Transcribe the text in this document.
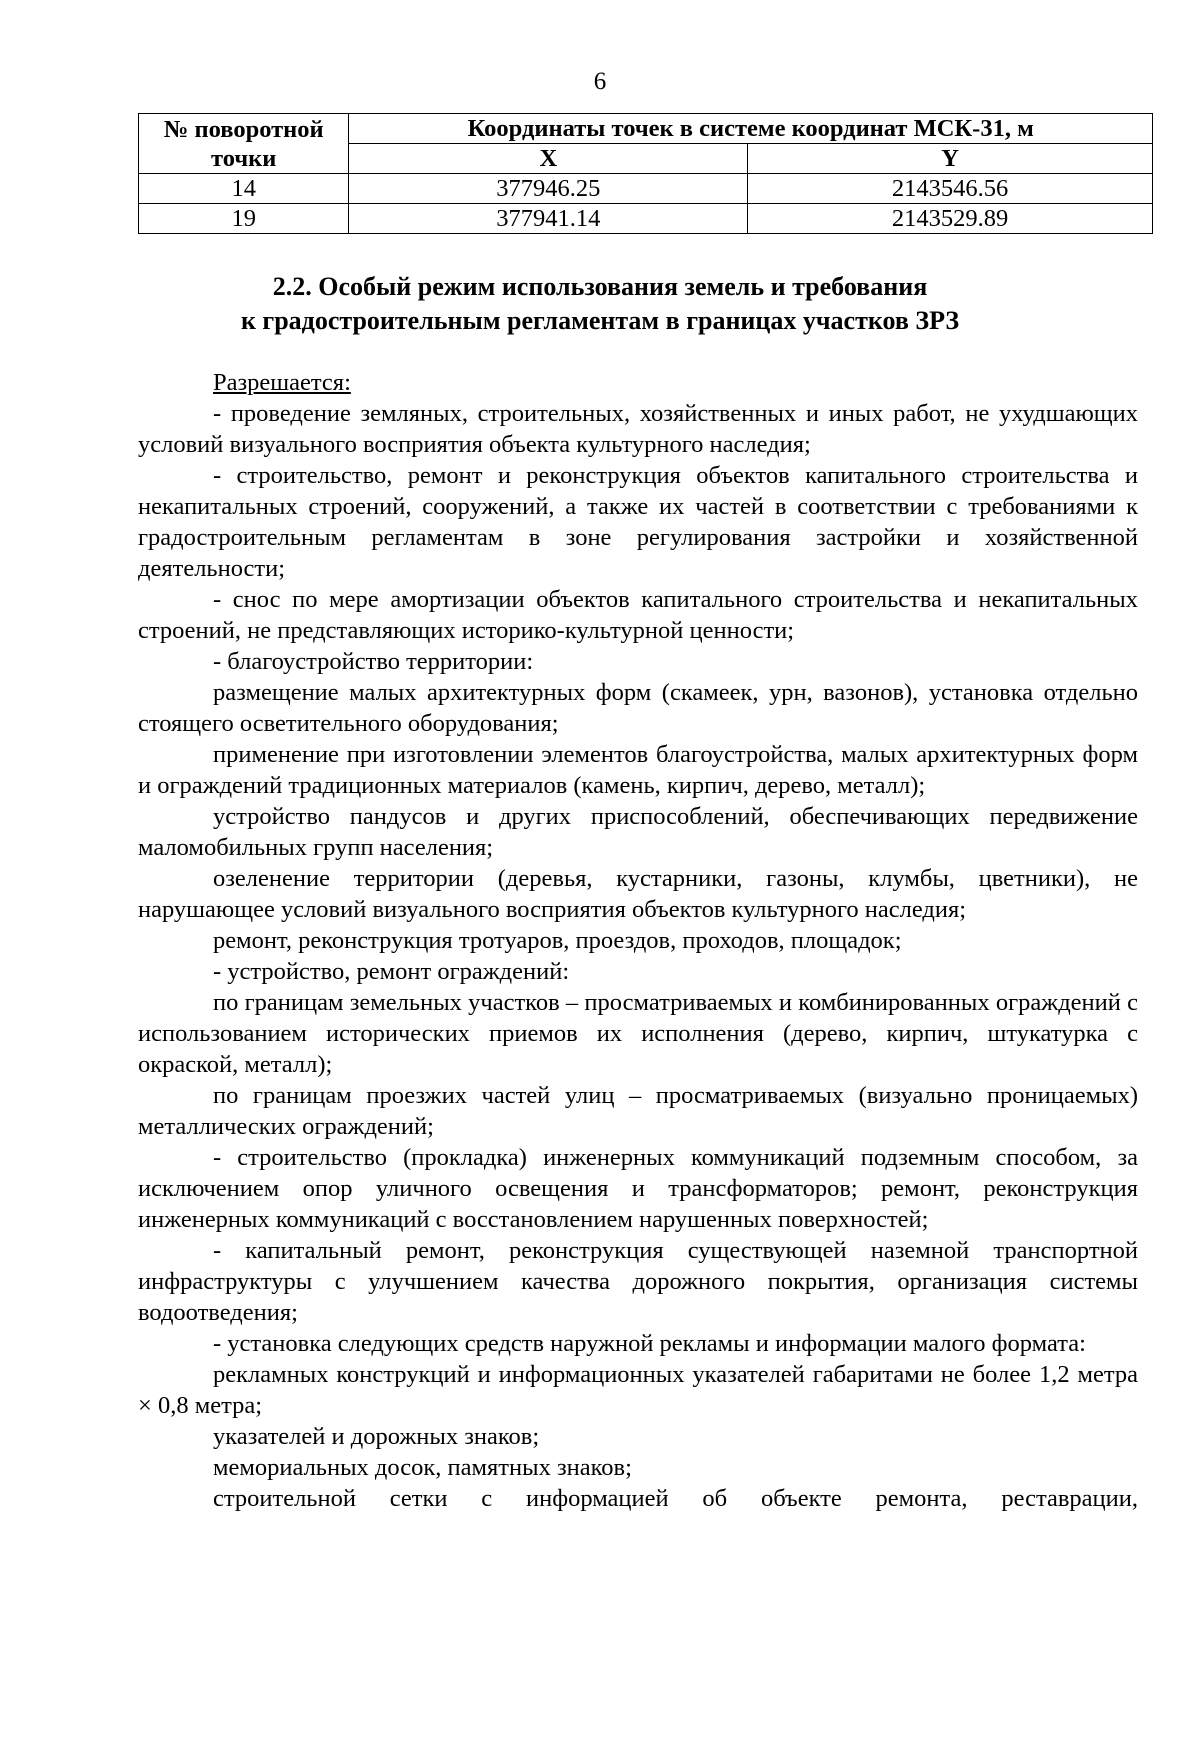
6
№ поворотной точки	Координаты точек в системе координат МСК-31, м	
	X	Y
14	377946.25	2143546.56
19	377941.14	2143529.89
2.2. Особый режим использования земель и требования
к градостроительным регламентам в границах участков ЗРЗ
Разрешается:
- проведение земляных, строительных, хозяйственных и иных работ, не ухудшающих условий визуального восприятия объекта культурного наследия;
- строительство, ремонт и реконструкция объектов капитального строительства и некапитальных строений, сооружений, а также их частей в соответствии с требованиями к градостроительным регламентам в зоне регулирования застройки и хозяйственной деятельности;
- снос по мере амортизации объектов капитального строительства и некапитальных строений, не представляющих историко-культурной ценности;
- благоустройство территории:
размещение малых архитектурных форм (скамеек, урн, вазонов), установка отдельно стоящего осветительного оборудования;
применение при изготовлении элементов благоустройства, малых архитектурных форм и ограждений традиционных материалов (камень, кирпич, дерево, металл);
устройство пандусов и других приспособлений, обеспечивающих передвижение маломобильных групп населения;
озеленение территории (деревья, кустарники, газоны, клумбы, цветники), не нарушающее условий визуального восприятия объектов культурного наследия;
ремонт, реконструкция тротуаров, проездов, проходов, площадок;
- устройство, ремонт ограждений:
по границам земельных участков – просматриваемых и комбинированных ограждений с использованием исторических приемов их исполнения (дерево, кирпич, штукатурка с окраской, металл);
по границам проезжих частей улиц – просматриваемых (визуально проницаемых) металлических ограждений;
- строительство (прокладка) инженерных коммуникаций подземным способом, за исключением опор уличного освещения и трансформаторов; ремонт, реконструкция инженерных коммуникаций с восстановлением нарушенных поверхностей;
- капитальный ремонт, реконструкция существующей наземной транспортной инфраструктуры с улучшением качества дорожного покрытия, организация системы водоотведения;
- установка следующих средств наружной рекламы и информации малого формата:
рекламных конструкций и информационных указателей габаритами не более 1,2 метра × 0,8 метра;
указателей и дорожных знаков;
мемориальных досок, памятных знаков;
строительной сетки с информацией об объекте ремонта, реставрации,
